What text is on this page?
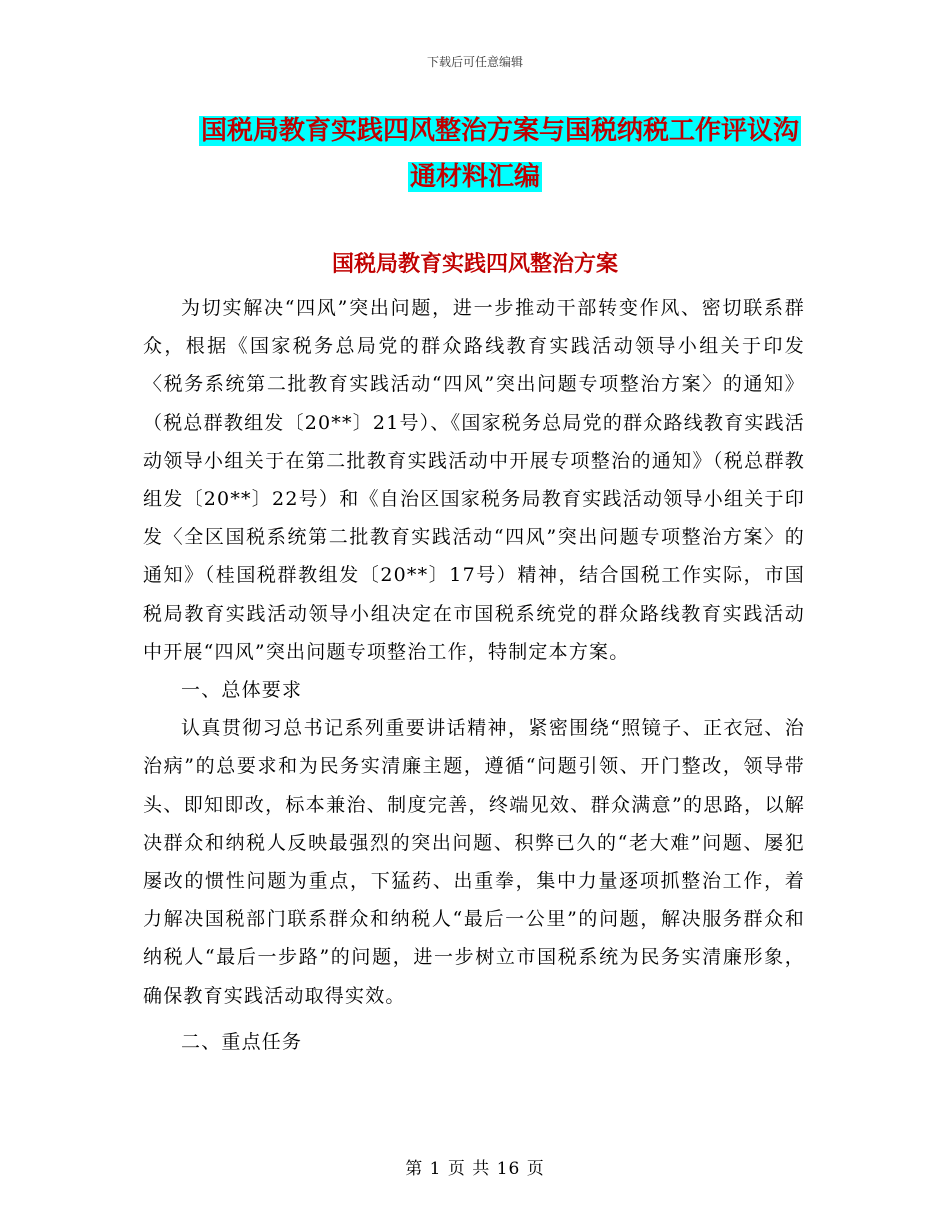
下载后可任意编辑
国税局教育实践四风整治方案与国税纳税工作评议沟
通材料汇编
国税局教育实践四风整治方案

为切实解决“四风”突出问题，进一步推动干部转变作风、密切联系群众，根据《国家税务总局党的群众路线教育实践活动领导小组关于印发〈税务系统第二批教育实践活动“四风”突出问题专项整治方案〉的通知》（税总群教组发〔20**〕21号）、《国家税务总局党的群众路线教育实践活动领导小组关于在第二批教育实践活动中开展专项整治的通知》（税总群教组发〔20**〕22号）和《自治区国家税务局教育实践活动领导小组关于印发〈全区国税系统第二批教育实践活动“四风”突出问题专项整治方案〉的通知》（桂国税群教组发〔20**〕17号）精神，结合国税工作实际，市国税局教育实践活动领导小组决定在市国税系统党的群众路线教育实践活动中开展“四风”突出问题专项整治工作，特制定本方案。

一、总体要求

认真贯彻习总书记系列重要讲话精神，紧密围绕“照镜子、正衣冠、治治病”的总要求和为民务实清廉主题，遵循“问题引领、开门整改，领导带头、即知即改，标本兼治、制度完善，终端见效、群众满意”的思路，以解决群众和纳税人反映最强烈的突出问题、积弊已久的“老大难”问题、屡犯屡改的惯性问题为重点，下猛药、出重拳，集中力量逐项抓整治工作，着力解决国税部门联系群众和纳税人“最后一公里”的问题，解决服务群众和纳税人“最后一步路”的问题，进一步树立市国税系统为民务实清廉形象，确保教育实践活动取得实效。

二、重点任务

第 1 页 共 16 页
